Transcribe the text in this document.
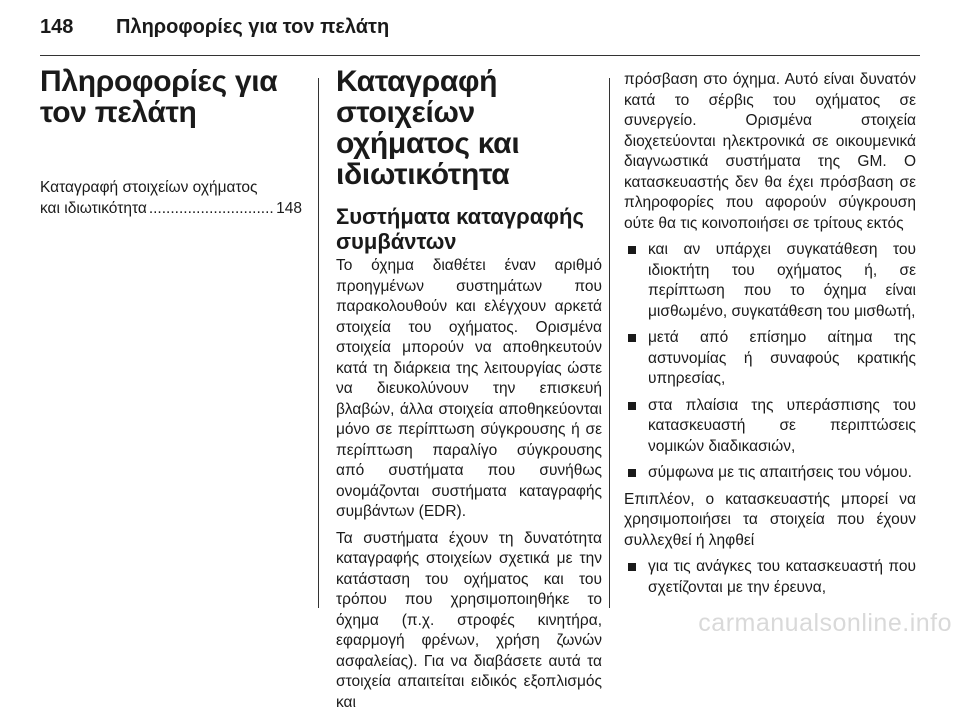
148 Πληροφορίες για τον πελάτη
Πληροφορίες για τον πελάτη
Καταγραφή στοιχείων οχήματος
και ιδιωτικότητα
.....	148
Καταγραφή στοιχείων οχήματος και ιδιωτικότητα
Συστήματα καταγραφής συμβάντων

Το όχημα διαθέτει έναν αριθμό προηγμένων συστημάτων που παρακολουθούν και ελέγχουν αρκετά στοιχεία του οχήματος. Ορισμένα στοιχεία μπορούν να αποθηκευτούν κατά τη διάρκεια της λειτουργίας ώστε να διευκολύνουν την επισκευή βλαβών, άλλα στοιχεία αποθηκεύονται μόνο σε περίπτωση σύγκρουσης ή σε περίπτωση παραλίγο σύγκρουσης από συστήματα που συνήθως ονομάζονται συστήματα καταγραφής συμβάντων (EDR).

Τα συστήματα έχουν τη δυνατότητα καταγραφής στοιχείων σχετικά με την κατάσταση του οχήματος και του τρόπου που χρησιμοποιηθήκε το όχημα (π.χ. στροφές κινητήρα, εφαρμογή φρένων, χρήση ζωνών ασφαλείας). Για να διαβάσετε αυτά τα στοιχεία απαιτείται ειδικός εξοπλισμός και

πρόσβαση στο όχημα. Αυτό είναι δυνατόν κατά το σέρβις του οχήματος σε συνεργείο. Ορισμένα στοιχεία διοχετεύονται ηλεκτρονικά σε οικουμενικά διαγνωστικά συστήματα της GM. Ο κατασκευαστής δεν θα έχει πρόσβαση σε πληροφορίες που αφορούν σύγκρουση ούτε θα τις κοινοποιήσει σε τρίτους εκτός

και αν υπάρχει συγκατάθεση του ιδιοκτήτη του οχήματος ή, σε περίπτωση που το όχημα είναι μισθωμένο, συγκατάθεση του μισθωτή,
μετά από επίσημο αίτημα της αστυνομίας ή συναφούς κρατικής υπηρεσίας,
στα πλαίσια της υπεράσπισης του κατασκευαστή σε περιπτώσεις νομικών διαδικασιών,
σύμφωνα με τις απαιτήσεις του νόμου.

Επιπλέον, ο κατασκευαστής μπορεί να χρησιμοποιήσει τα στοιχεία που έχουν συλλεχθεί ή ληφθεί

για τις ανάγκες του κατασκευαστή που σχετίζονται με την έρευνα,
carmanualsonline.info
